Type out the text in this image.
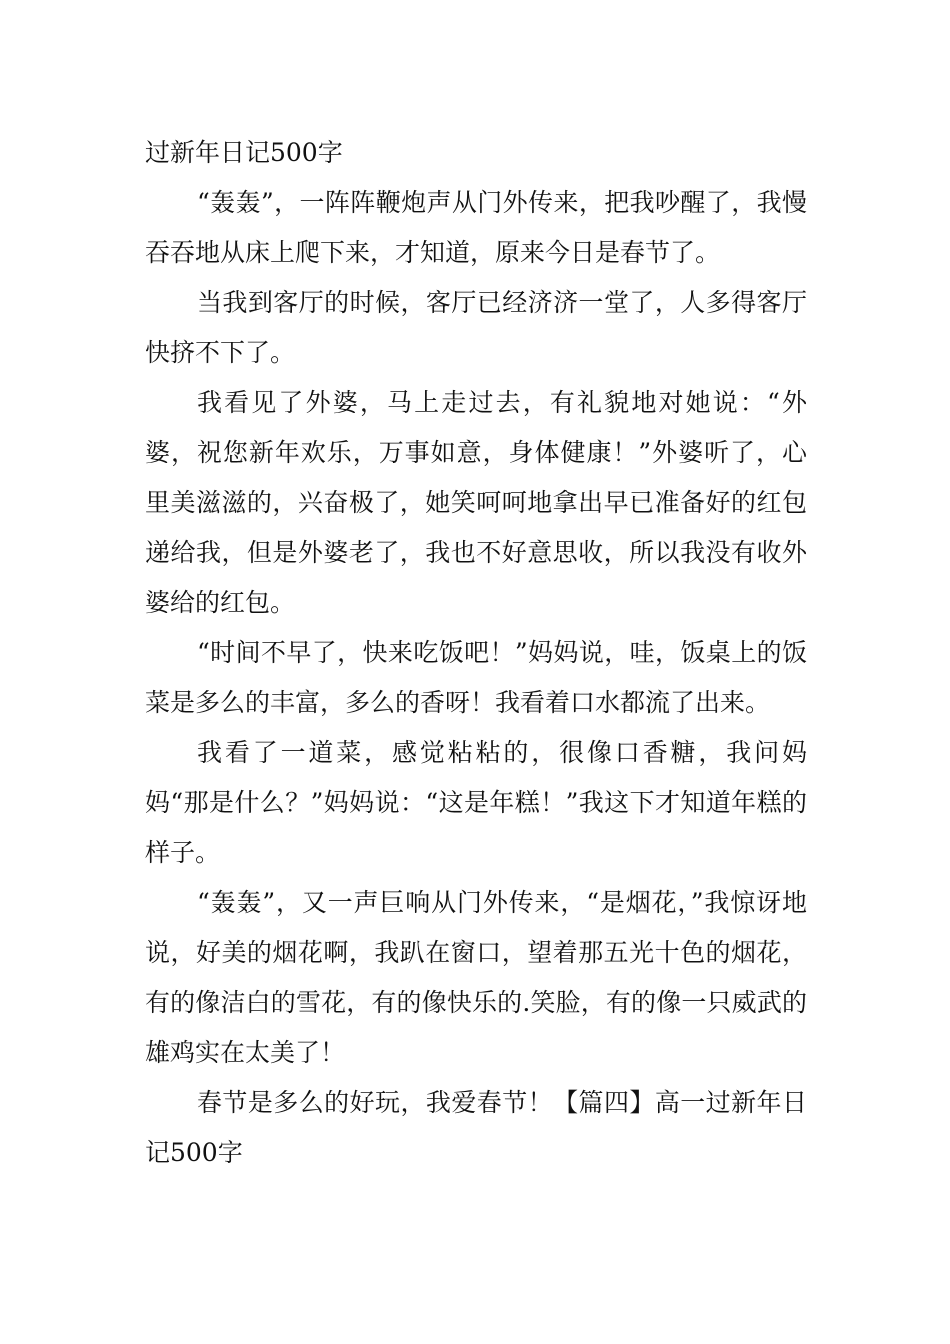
过新年日记500字

“轰轰”，一阵阵鞭炮声从门外传来，把我吵醒了，我慢吞吞地从床上爬下来，才知道，原来今日是春节了。

当我到客厅的时候，客厅已经济济一堂了，人多得客厅快挤不下了。

我看见了外婆，马上走过去，有礼貌地对她说：“外婆，祝您新年欢乐，万事如意，身体健康！”外婆听了，心里美滋滋的，兴奋极了，她笑呵呵地拿出早已准备好的红包递给我，但是外婆老了，我也不好意思收，所以我没有收外婆给的红包。

“时间不早了，快来吃饭吧！”妈妈说，哇，饭桌上的饭菜是多么的丰富，多么的香呀！我看着口水都流了出来。

我看了一道菜，感觉粘粘的，很像口香糖，我问妈妈“那是什么？”妈妈说：“这是年糕！”我这下才知道年糕的样子。

“轰轰”，又一声巨响从门外传来，“是烟花，”我惊讶地说，好美的烟花啊，我趴在窗口，望着那五光十色的烟花，有的像洁白的雪花，有的像快乐的.笑脸，有的像一只威武的雄鸡实在太美了！

春节是多么的好玩，我爱春节！【篇四】高一过新年日记500字
